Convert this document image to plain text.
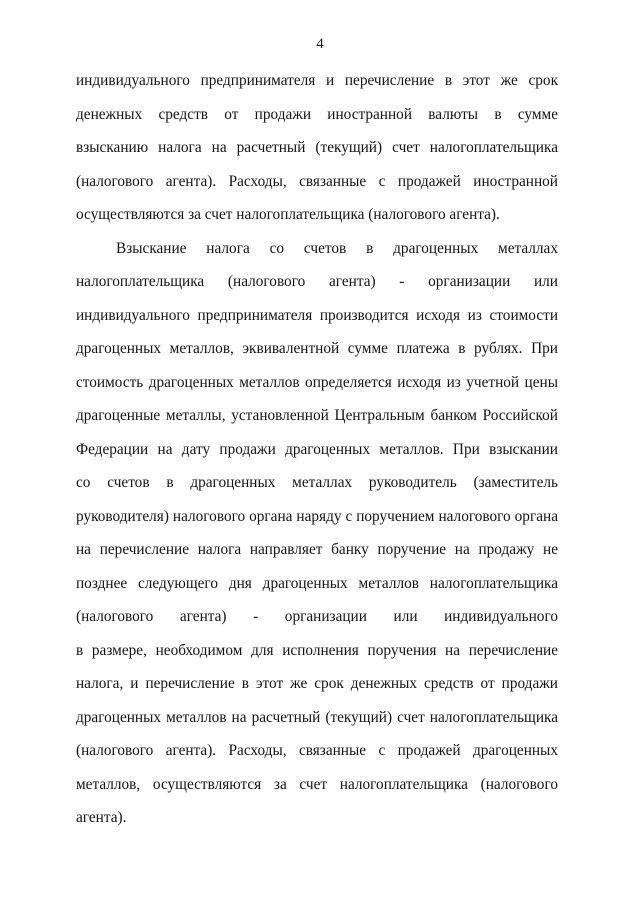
4
индивидуального предпринимателя и перечисление в этот же срок
денежных средств от продажи иностранной валюты в сумме
взысканию налога на расчетный (текущий) счет налогоплательщика
(налогового агента). Расходы, связанные с продажей иностранной
осуществляются за счет налогоплательщика (налогового агента).
Взыскание налога со счетов в драгоценных металлах
налогоплательщика (налогового агента) - организации или
индивидуального предпринимателя производится исходя из стоимости
драгоценных металлов, эквивалентной сумме платежа в рублях. При
стоимость драгоценных металлов определяется исходя из учетной цены
драгоценные металлы, установленной Центральным банком Российской
Федерации на дату продажи драгоценных металлов. При взыскании
со счетов в драгоценных металлах руководитель (заместитель
руководителя) налогового органа наряду с поручением налогового органа
на перечисление налога направляет банку поручение на продажу не
позднее следующего дня драгоценных металлов налогоплательщика
(налогового агента) - организации или индивидуального
в размере, необходимом для исполнения поручения на перечисление
налога, и перечисление в этот же срок денежных средств от продажи
драгоценных металлов на расчетный (текущий) счет налогоплательщика
(налогового агента). Расходы, связанные с продажей драгоценных
металлов, осуществляются за счет налогоплательщика (налогового
агента).
